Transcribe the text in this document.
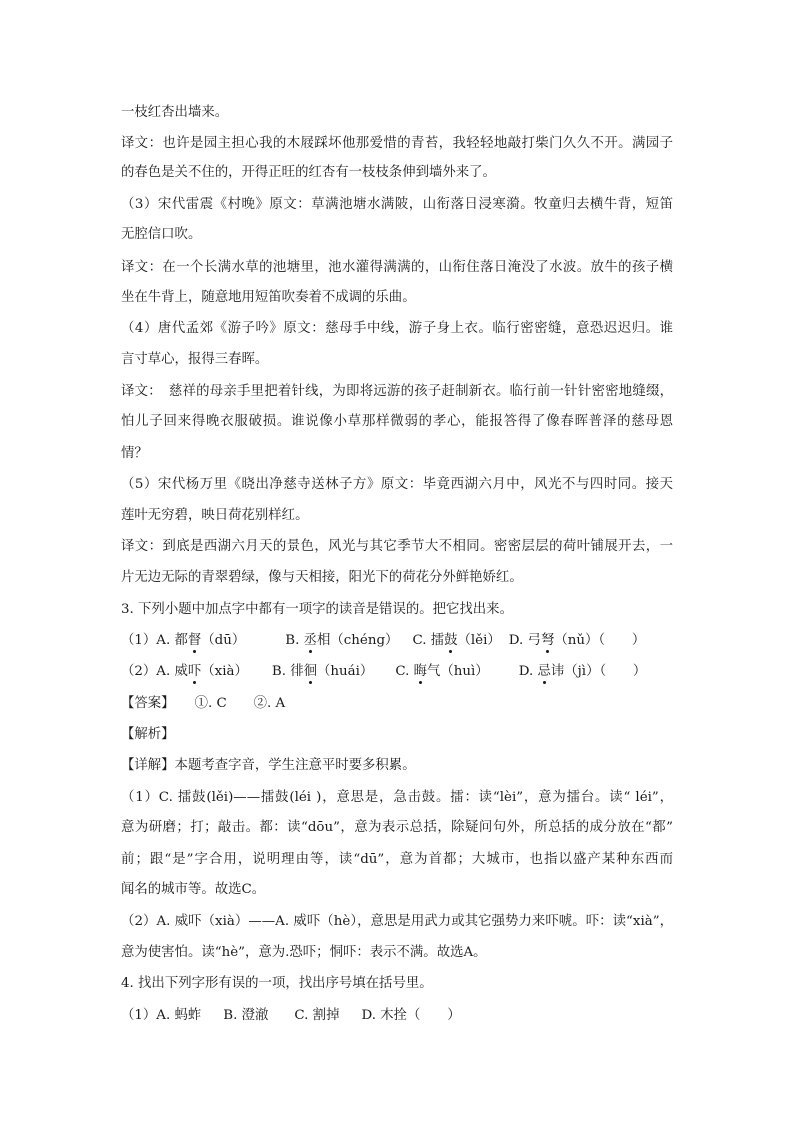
一枝红杏出墙来。

译文：也许是园主担心我的木屐踩坏他那爱惜的青苔，我轻轻地敲打柴门久久不开。满园子

的春色是关不住的，开得正旺的红杏有一枝枝条伸到墙外来了。

（3）宋代雷震《村晚》原文：草满池塘水满陂，山衔落日浸寒漪。牧童归去横牛背，短笛

无腔信口吹。

译文：在一个长满水草的池塘里，池水灌得满满的，山衔住落日淹没了水波。放牛的孩子横

坐在牛背上，随意地用短笛吹奏着不成调的乐曲。

（4）唐代孟郊《游子吟》原文：慈母手中线，游子身上衣。临行密密缝，意恐迟迟归。谁

言寸草心，报得三春晖。

译文：　慈祥的母亲手里把着针线，为即将远游的孩子赶制新衣。临行前一针针密密地缝缀，

怕儿子回来得晚衣服破损。谁说像小草那样微弱的孝心，能报答得了像春晖普泽的慈母恩

情？

（5）宋代杨万里《晓出净慈寺送林子方》原文：毕竟西湖六月中，风光不与四时同。接天

莲叶无穷碧，映日荷花别样红。

译文：到底是西湖六月天的景色，风光与其它季节大不相同。密密层层的荷叶铺展开去，一

片无边无际的青翠碧绿，像与天相接，阳光下的荷花分外鲜艳娇红。

3. 下列小题中加点字中都有一项字的读音是错误的。把它找出来。

（1）A. 都督（dū）	B. 丞相（chéng） C. 擂鼓（lěi） D. 弓弩（nǔ）（　　）

（2）A. 威吓（xià） B. 徘徊（huái） C. 晦气（huì） D. 忌讳（jì）（　　）

【答案】　　①. C　　②. A

【解析】

【详解】本题考查字音，学生注意平时要多积累。

（1）C. 擂鼓(lěi)——擂鼓(léi )，意思是，急击鼓。擂：读“lèi”，意为擂台。读“ léi”，

意为研磨；打；敲击。都：读“dōu”，意为表示总括，除疑问句外，所总括的成分放在“都”

前；跟“是”字合用，说明理由等，读“dū”，意为首都；大城市，也指以盛产某种东西而

闻名的城市等。故选C。

（2）A. 威吓（xià）——A. 威吓（hè），意思是用武力或其它强势力来吓唬。吓：读“xià”，

意为使害怕。读“hè”，意为.恐吓；恫吓：表示不满。故选A。

4. 找出下列字形有误的一项，找出序号填在括号里。

（1）A. 蚂蚱 B. 澄澈 C. 割掉 D. 木拴（　　）
